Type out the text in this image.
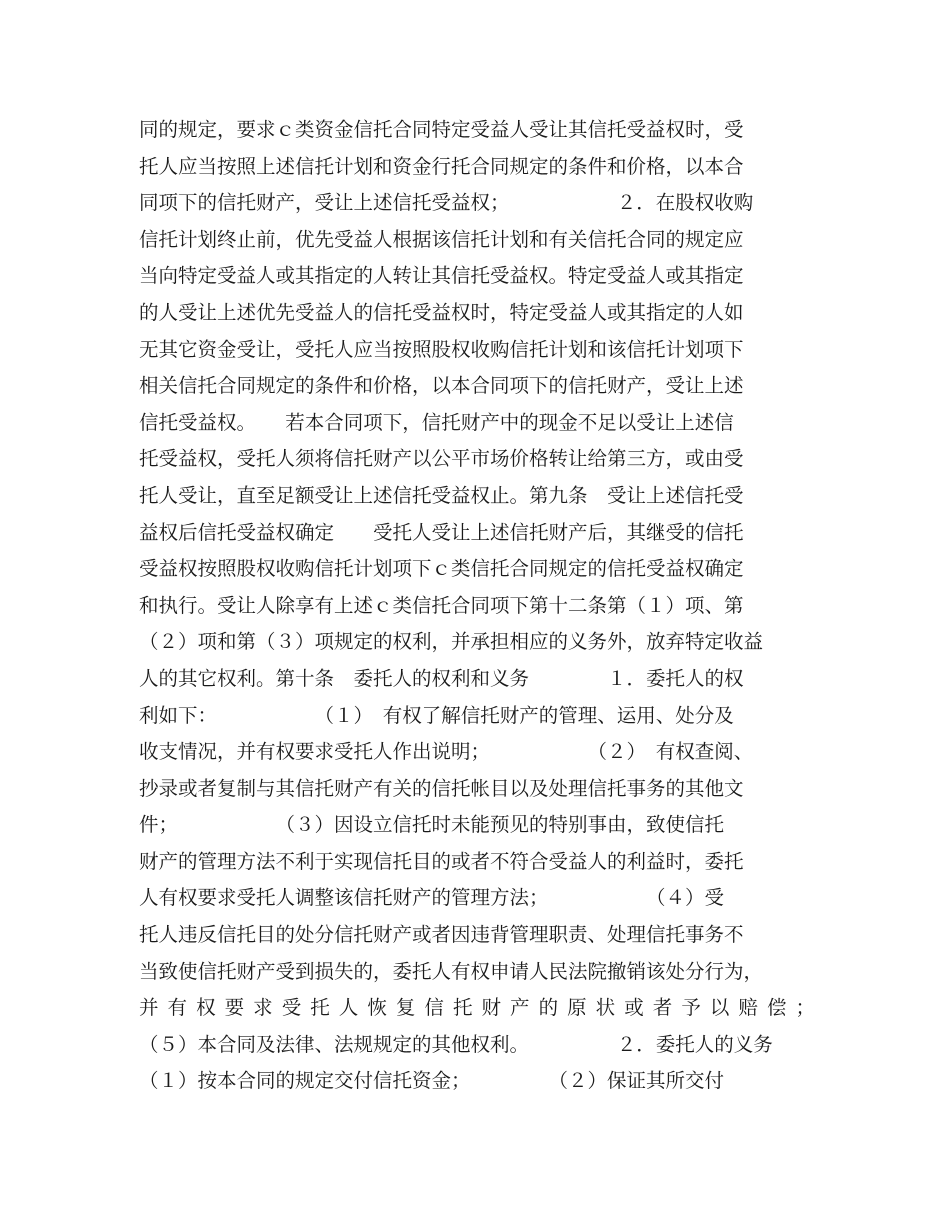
同的规定，要求ｃ类资金信托合同特定受益人受让其信托受益权时，受
托人应当按照上述信托计划和资金行托合同规定的条件和价格，以本合
同项下的信托财产，受让上述信托受益权；　　　　　　２．在股权收购
信托计划终止前，优先受益人根据该信托计划和有关信托合同的规定应
当向特定受益人或其指定的人转让其信托受益权。特定受益人或其指定
的人受让上述优先受益人的信托受益权时，特定受益人或其指定的人如
无其它资金受让，受托人应当按照股权收购信托计划和该信托计划项下
相关信托合同规定的条件和价格，以本合同项下的信托财产，受让上述
信托受益权。　　若本合同项下，信托财产中的现金不足以受让上述信
托受益权，受托人须将信托财产以公平市场价格转让给第三方，或由受
托人受让，直至足额受让上述信托受益权止。第九条　受让上述信托受
益权后信托受益权确定　　受托人受让上述信托财产后，其继受的信托
受益权按照股权收购信托计划项下ｃ类信托合同规定的信托受益权确定
和执行。受让人除享有上述ｃ类信托合同项下第十二条第（１）项、第
（２）项和第（３）项规定的权利，并承担相应的义务外，放弃特定收益
人的其它权利。第十条　委托人的权利和义务　　　　１．委托人的权
利如下：　　　　　　（１）　有权了解信托财产的管理、运用、处分及
收支情况，并有权要求受托人作出说明；　　　　　　（２）　有权查阅、
抄录或者复制与其信托财产有关的信托帐目以及处理信托事务的其他文
件；　　　　　　（３）因设立信托时未能预见的特别事由，致使信托
财产的管理方法不利于实现信托目的或者不符合受益人的利益时，委托
人有权要求受托人调整该信托财产的管理方法；　　　　　　（４）受
托人违反信托目的处分信托财产或者因违背管理职责、处理信托事务不
当致使信托财产受到损失的，委托人有权申请人民法院撤销该处分行为，
并有权要求受托人恢复信托财产的原状或者予以赔偿；
（５）本合同及法律、法规规定的其他权利。　　　　　２．委托人的义务
（１）按本合同的规定交付信托资金；　　　　　（２）保证其所交付
